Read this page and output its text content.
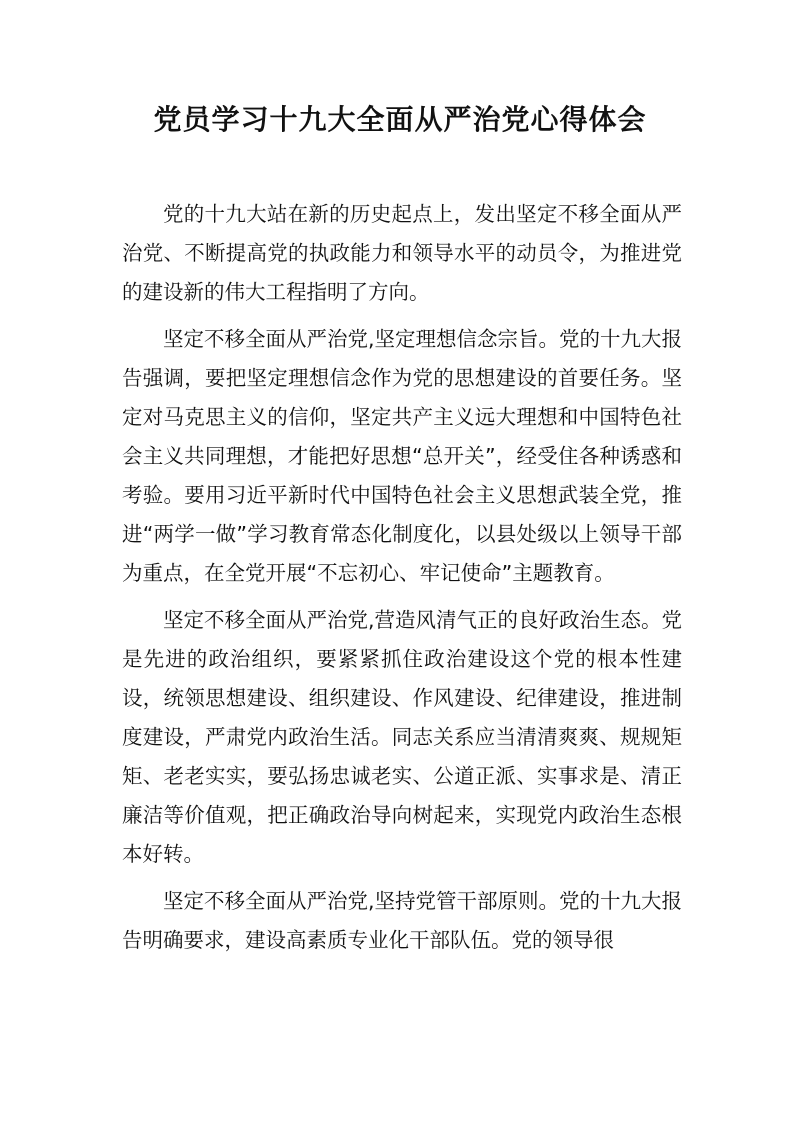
党员学习十九大全面从严治党心得体会

党的十九大站在新的历史起点上，发出坚定不移全面从严治党、不断提高党的执政能力和领导水平的动员令，为推进党的建设新的伟大工程指明了方向。

坚定不移全面从严治党,坚定理想信念宗旨。党的十九大报告强调，要把坚定理想信念作为党的思想建设的首要任务。坚定对马克思主义的信仰，坚定共产主义远大理想和中国特色社会主义共同理想，才能把好思想“总开关”，经受住各种诱惑和考验。要用习近平新时代中国特色社会主义思想武装全党，推进“两学一做”学习教育常态化制度化，以县处级以上领导干部为重点，在全党开展“不忘初心、牢记使命”主题教育。

坚定不移全面从严治党,营造风清气正的良好政治生态。党是先进的政治组织，要紧紧抓住政治建设这个党的根本性建设，统领思想建设、组织建设、作风建设、纪律建设，推进制度建设，严肃党内政治生活。同志关系应当清清爽爽、规规矩矩、老老实实，要弘扬忠诚老实、公道正派、实事求是、清正廉洁等价值观，把正确政治导向树起来，实现党内政治生态根本好转。

坚定不移全面从严治党,坚持党管干部原则。党的十九大报告明确要求，建设高素质专业化干部队伍。党的领导很
